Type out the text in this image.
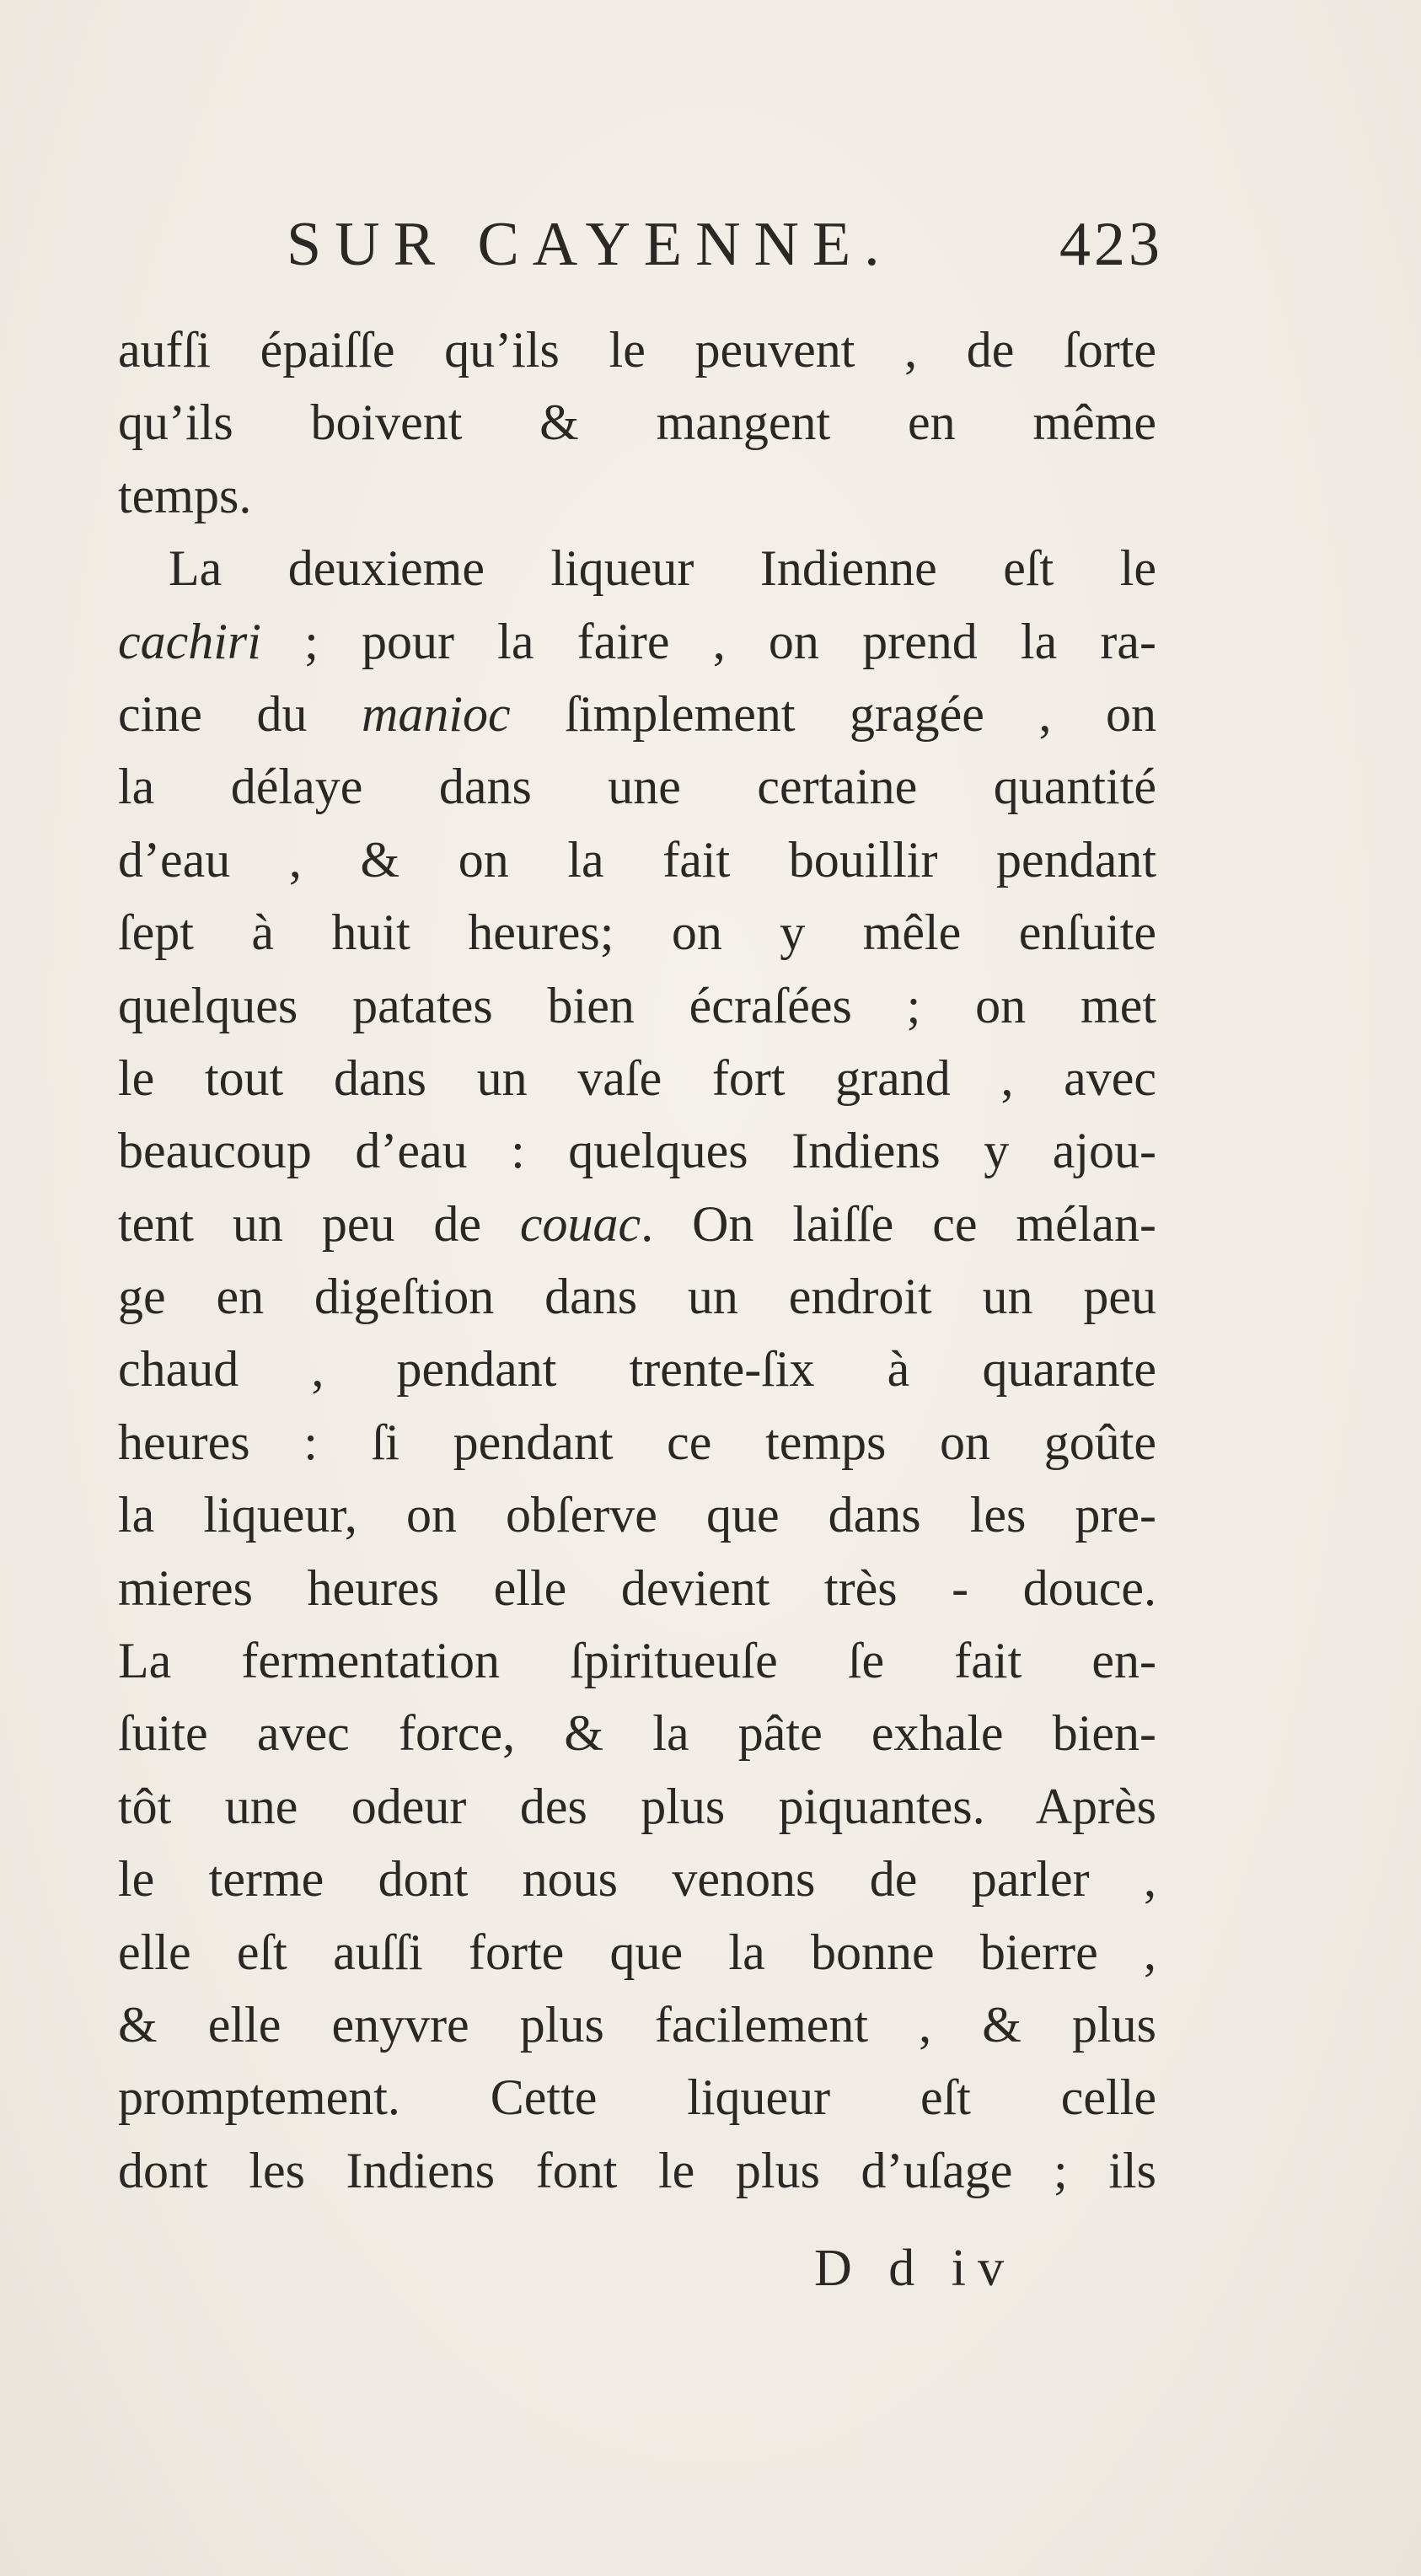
SUR CAYENNE.	423
aufſi épaiſſe qu’ils le peuvent , de ſorte
qu’ils boivent & mangent en même
temps.
La deuxieme liqueur Indienne eſt le
cachiri ; pour la faire , on prend la ra-
cine du manioc ſimplement gragée , on
la délaye dans une certaine quantité
d’eau , & on la fait bouillir pendant
ſept à huit heures; on y mêle enſuite
quelques patates bien écraſées ; on met
le tout dans un vaſe fort grand , avec
beaucoup d’eau : quelques Indiens y ajou-
tent un peu de couac. On laiſſe ce mélan-
ge en digeſtion dans un endroit un peu
chaud , pendant trente-ſix à quarante
heures : ſi pendant ce temps on goûte
la liqueur, on obſerve que dans les pre-
mieres heures elle devient très - douce.
La fermentation ſpiritueuſe ſe fait en-
ſuite avec force, & la pâte exhale bien-
tôt une odeur des plus piquantes. Après
le terme dont nous venons de parler ,
elle eſt auſſi forte que la bonne bierre ,
& elle enyvre plus facilement , & plus
promptement. Cette liqueur eſt celle
dont les Indiens font le plus d’uſage ; ils
D d iv
